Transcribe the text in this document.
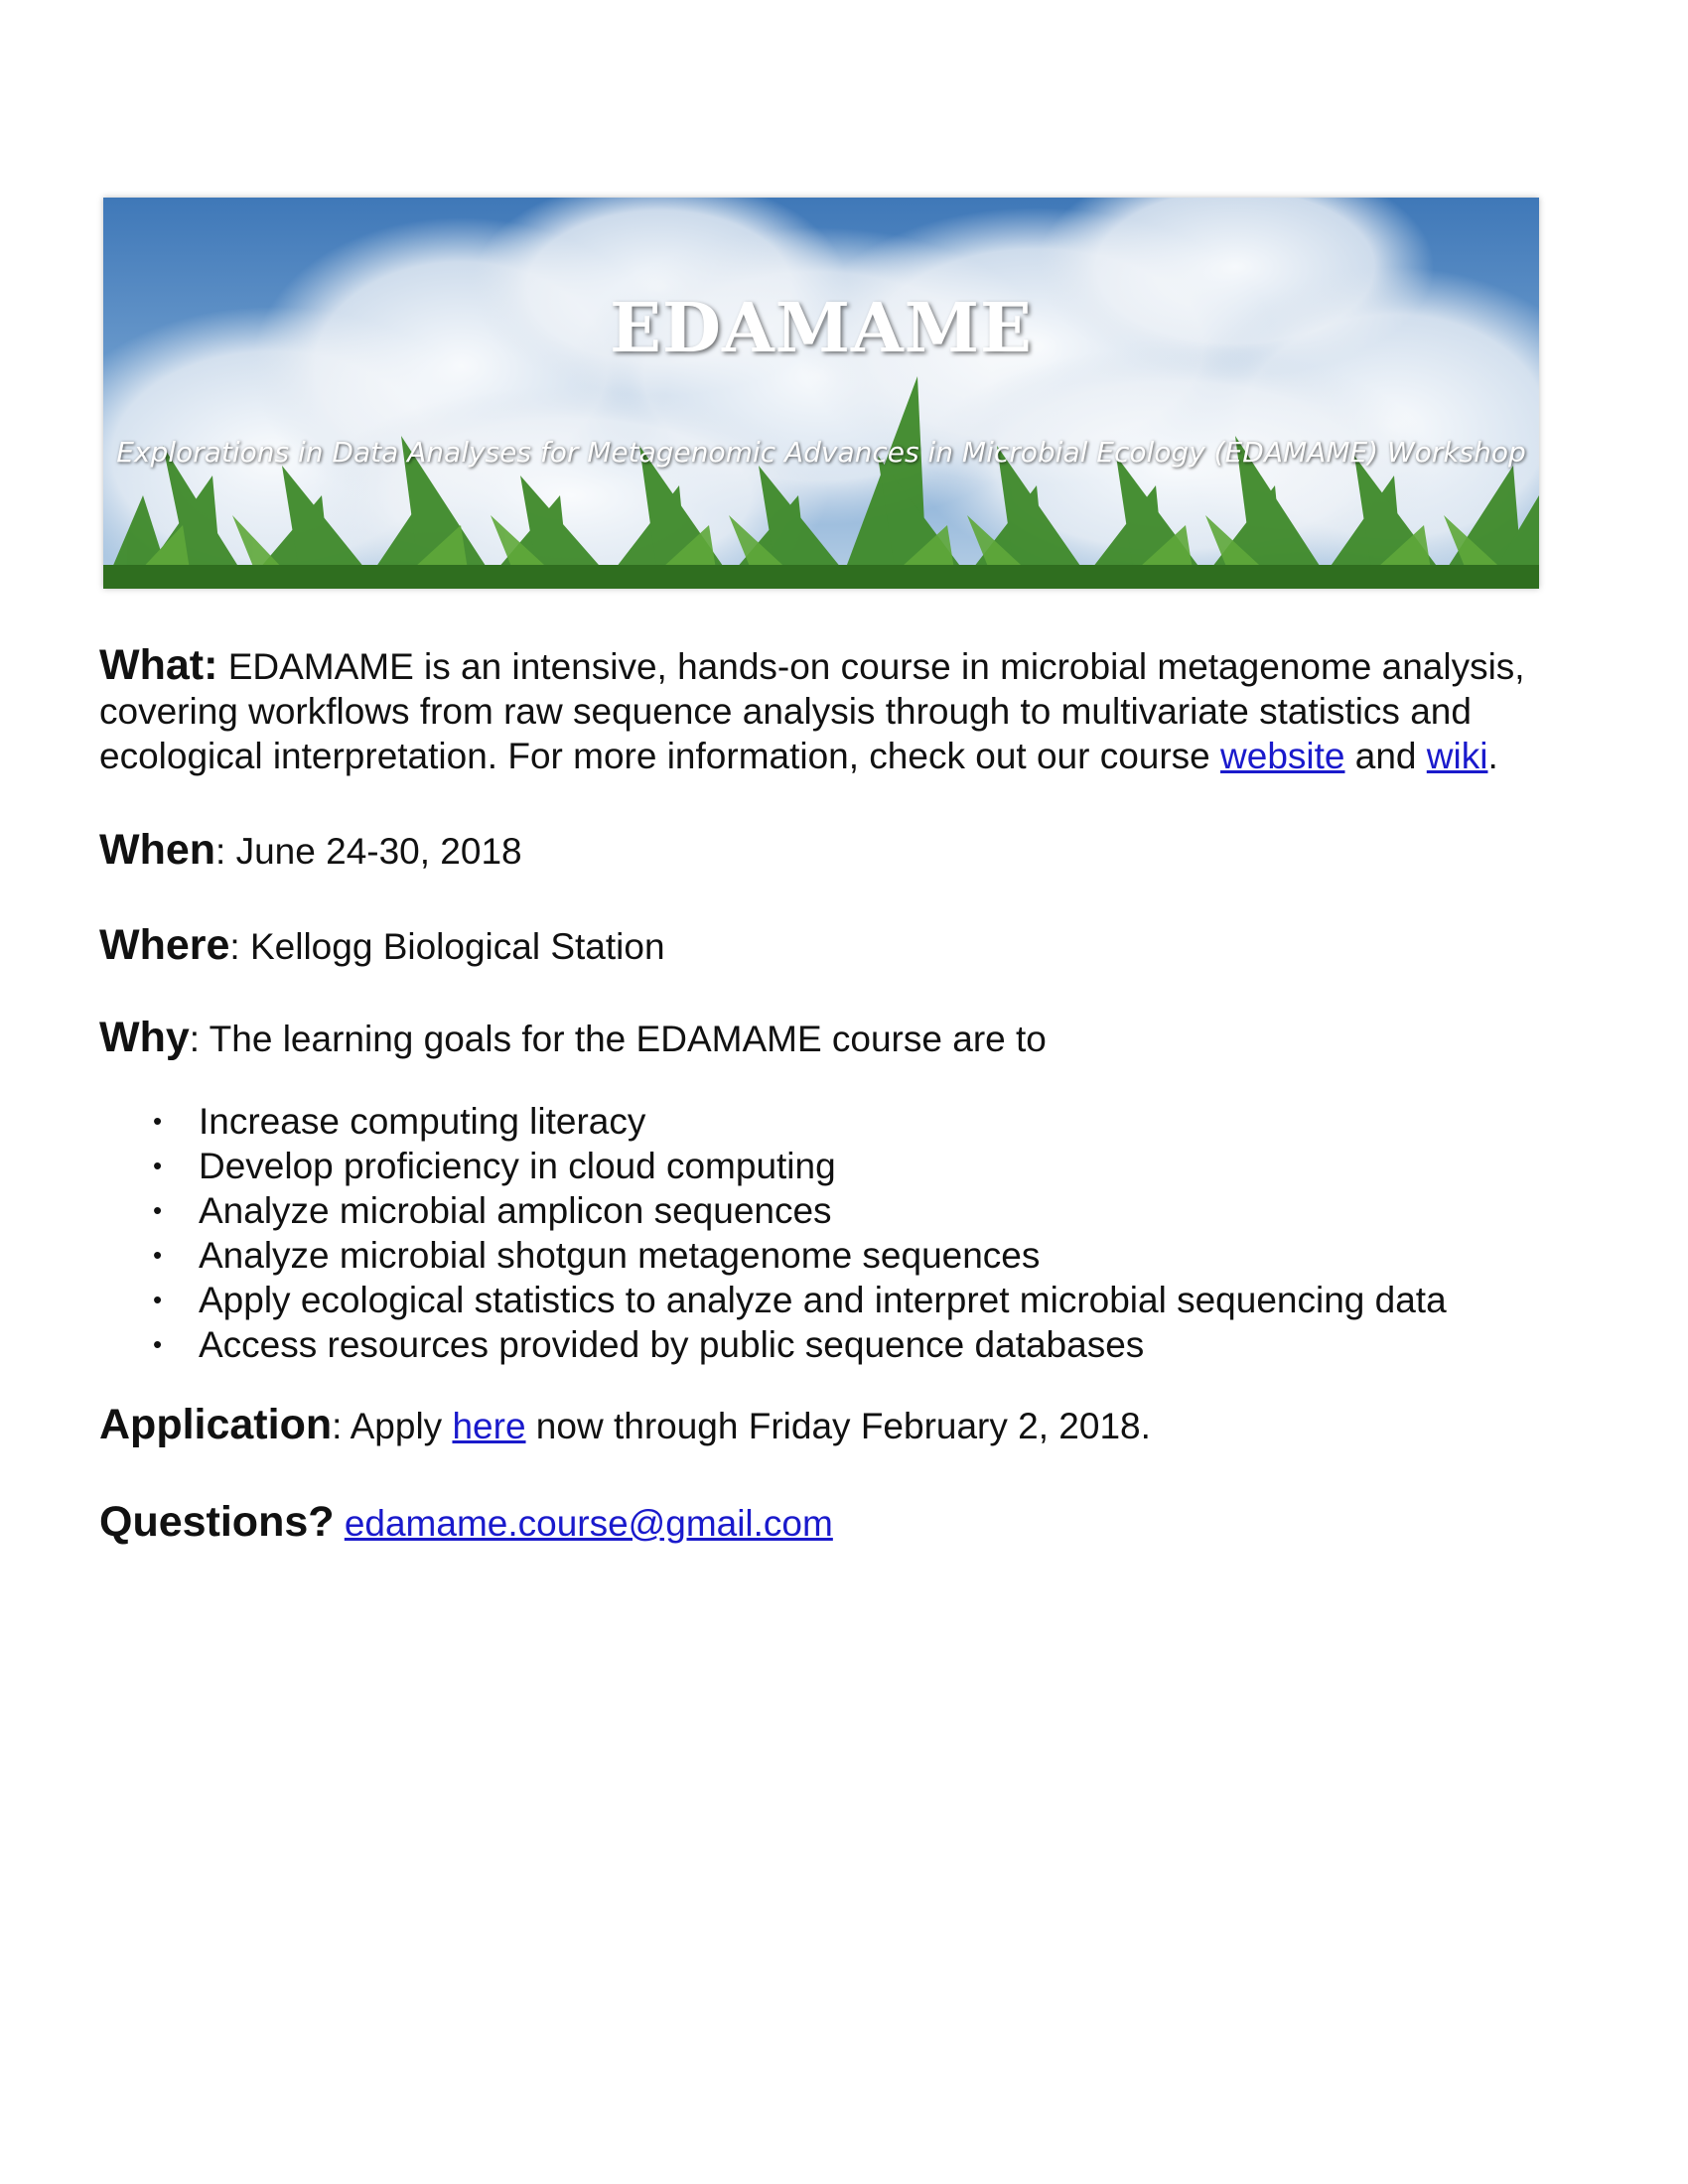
EDAMAME
Explorations in Data Analyses for Metagenomic Advances in Microbial Ecology (EDAMAME) Workshop

What: EDAMAME is an intensive, hands-on course in microbial metagenome analysis, covering workflows from raw sequence analysis through to multivariate statistics and ecological interpretation. For more information, check out our course website and wiki.

When: June 24-30, 2018

Where: Kellogg Biological Station

Why: The learning goals for the EDAMAME course are to

• Increase computing literacy
• Develop proficiency in cloud computing
• Analyze microbial amplicon sequences
• Analyze microbial shotgun metagenome sequences
• Apply ecological statistics to analyze and interpret microbial sequencing data
• Access resources provided by public sequence databases

Application: Apply here now through Friday February 2, 2018.

Questions? edamame.course@gmail.com
